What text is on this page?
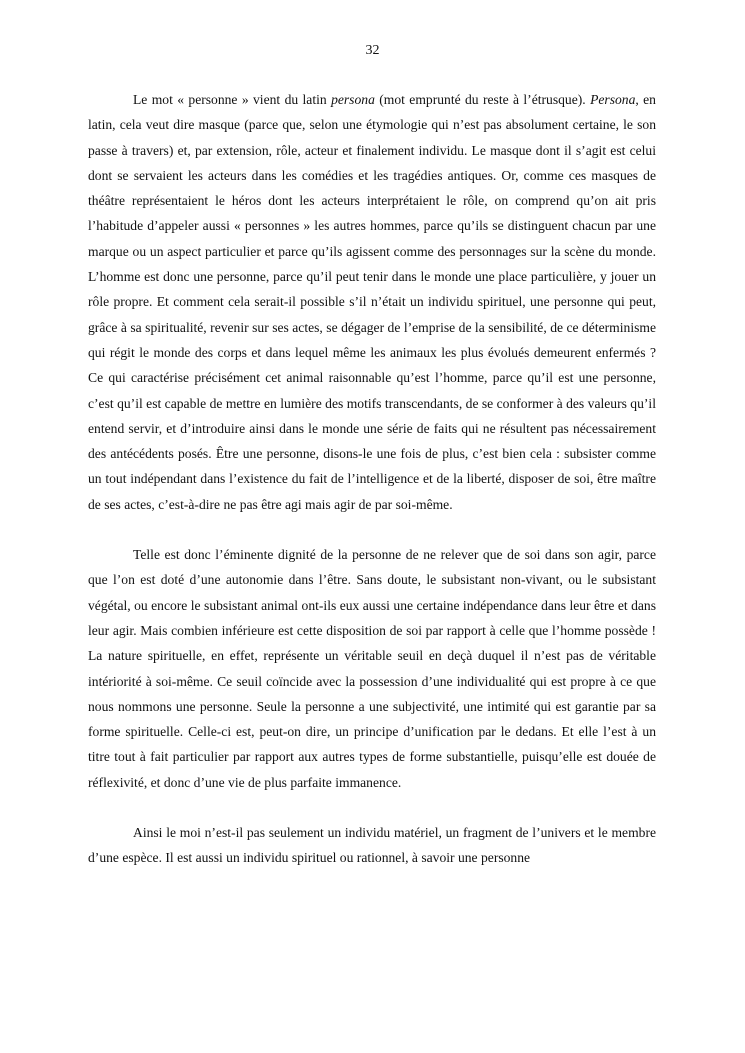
32

Le mot « personne » vient du latin persona (mot emprunté du reste à l’étrusque). Persona, en latin, cela veut dire masque (parce que, selon une étymologie qui n’est pas absolument certaine, le son passe à travers) et, par extension, rôle, acteur et finalement individu. Le masque dont il s’agit est celui dont se servaient les acteurs dans les comédies et les tragédies antiques. Or, comme ces masques de théâtre représentaient le héros dont les acteurs interprétaient le rôle, on comprend qu’on ait pris l’habitude d’appeler aussi « personnes » les autres hommes, parce qu’ils se distinguent chacun par une marque ou un aspect particulier et parce qu’ils agissent comme des personnages sur la scène du monde. L’homme est donc une personne, parce qu’il peut tenir dans le monde une place particulière, y jouer un rôle propre. Et comment cela serait-il possible s’il n’était un individu spirituel, une personne qui peut, grâce à sa spiritualité, revenir sur ses actes, se dégager de l’emprise de la sensibilité, de ce déterminisme qui régit le monde des corps et dans lequel même les animaux les plus évolués demeurent enfermés ? Ce qui caractérise précisément cet animal raisonnable qu’est l’homme, parce qu’il est une personne, c’est qu’il est capable de mettre en lumière des motifs transcendants, de se conformer à des valeurs qu’il entend servir, et d’introduire ainsi dans le monde une série de faits qui ne résultent pas nécessairement des antécédents posés. Être une personne, disons-le une fois de plus, c’est bien cela : subsister comme un tout indépendant dans l’existence du fait de l’intelligence et de la liberté, disposer de soi, être maître de ses actes, c’est-à-dire ne pas être agi mais agir de par soi-même.

Telle est donc l’éminente dignité de la personne de ne relever que de soi dans son agir, parce que l’on est doté d’une autonomie dans l’être. Sans doute, le subsistant non-vivant, ou le subsistant végétal, ou encore le subsistant animal ont-ils eux aussi une certaine indépendance dans leur être et dans leur agir. Mais combien inférieure est cette disposition de soi par rapport à celle que l’homme possède ! La nature spirituelle, en effet, représente un véritable seuil en deçà duquel il n’est pas de véritable intériorité à soi-même. Ce seuil coïncide avec la possession d’une individualité qui est propre à ce que nous nommons une personne. Seule la personne a une subjectivité, une intimité qui est garantie par sa forme spirituelle. Celle-ci est, peut-on dire, un principe d’unification par le dedans. Et elle l’est à un titre tout à fait particulier par rapport aux autres types de forme substantielle, puisqu’elle est douée de réflexivité, et donc d’une vie de plus parfaite immanence.

Ainsi le moi n’est-il pas seulement un individu matériel, un fragment de l’univers et le membre d’une espèce. Il est aussi un individu spirituel ou rationnel, à savoir une personne
